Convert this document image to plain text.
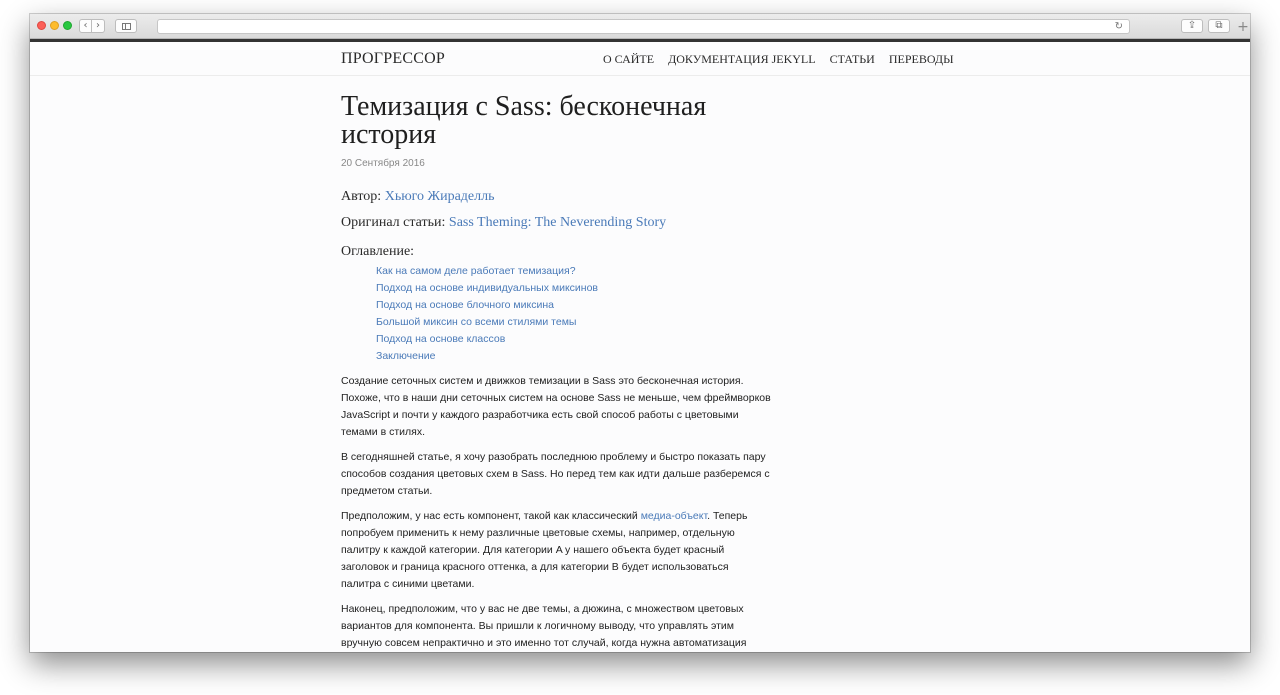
‹ ›	↻	⇪	⧉	+
ПРОГРЕССОР	О САЙТЕ ДОКУМЕНТАЦИЯ JEKYLL СТАТЬИ ПЕРЕВОДЫ
Темизация с Sass: бесконечная история
20 Сентября 2016

Автор: Хьюго Жираделль

Оригинал статьи: Sass Theming: The Neverending Story

Оглавление:
Как на самом деле работает темизация?
Подход на основе индивидуальных миксинов
Подход на основе блочного миксина
Большой миксин со всеми стилями темы
Подход на основе классов
Заключение

Создание сеточных систем и движков темизации в Sass это бесконечная история. Похоже, что в наши дни сеточных систем на основе Sass не меньше, чем фреймворков JavaScript и почти у каждого разработчика есть свой способ работы с цветовыми темами в стилях.

В сегодняшней статье, я хочу разобрать последнюю проблему и быстро показать пару способов создания цветовых схем в Sass. Но перед тем как идти дальше разберемся с предметом статьи.

Предположим, у нас есть компонент, такой как классический медиа-объект. Теперь попробуем применить к нему различные цветовые схемы, например, отдельную палитру к каждой категории. Для категории A у нашего объекта будет красный заголовок и граница красного оттенка, а для категории B будет использоваться палитра с синими цветами.

Наконец, предположим, что у вас не две темы, а дюжина, с множеством цветовых вариантов для компонента. Вы пришли к логичному выводу, что управлять этим вручную совсем непрактично и это именно тот случай, когда нужна автоматизация
